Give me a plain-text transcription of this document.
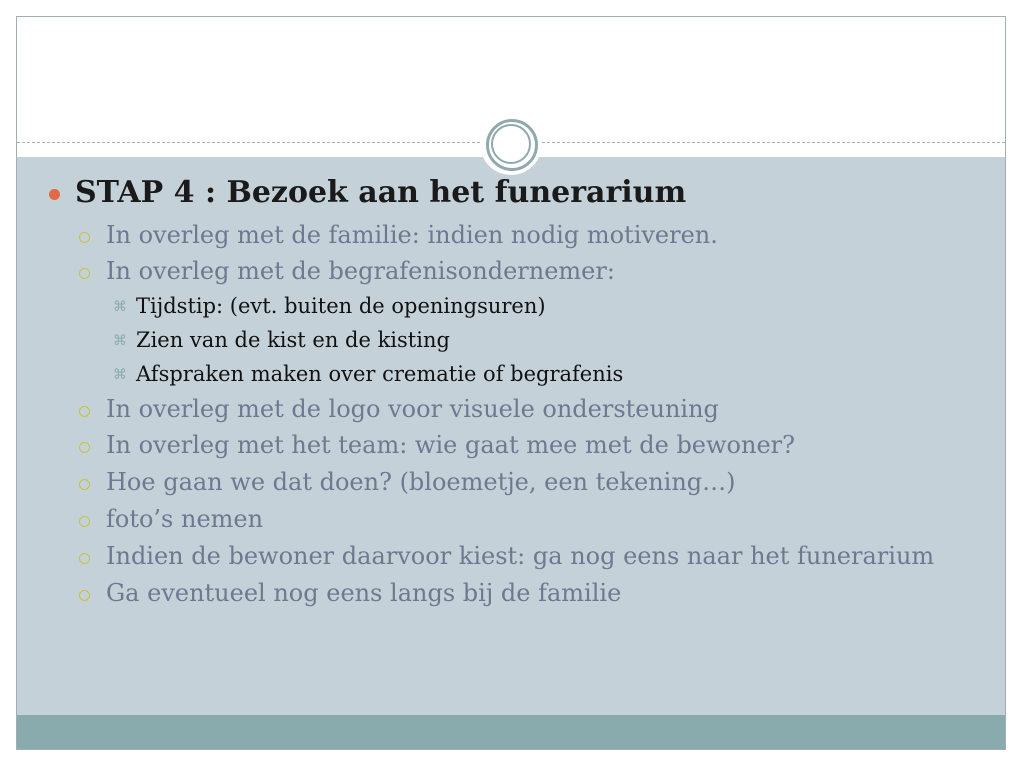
STAP 4 : Bezoek aan het funerarium
In overleg met de familie: indien nodig motiveren.
In overleg met de begrafenisondernemer:
⌘ Tijdstip: (evt. buiten de openingsuren)
⌘ Zien van de kist en de kisting
⌘ Afspraken maken over crematie of begrafenis
In overleg met de logo voor visuele ondersteuning
In overleg met het team: wie gaat mee met de bewoner?
Hoe gaan we dat doen? (bloemetje, een tekening…)
foto’s nemen
Indien de bewoner daarvoor kiest: ga nog eens naar het funerarium
Ga eventueel nog eens langs bij de familie
